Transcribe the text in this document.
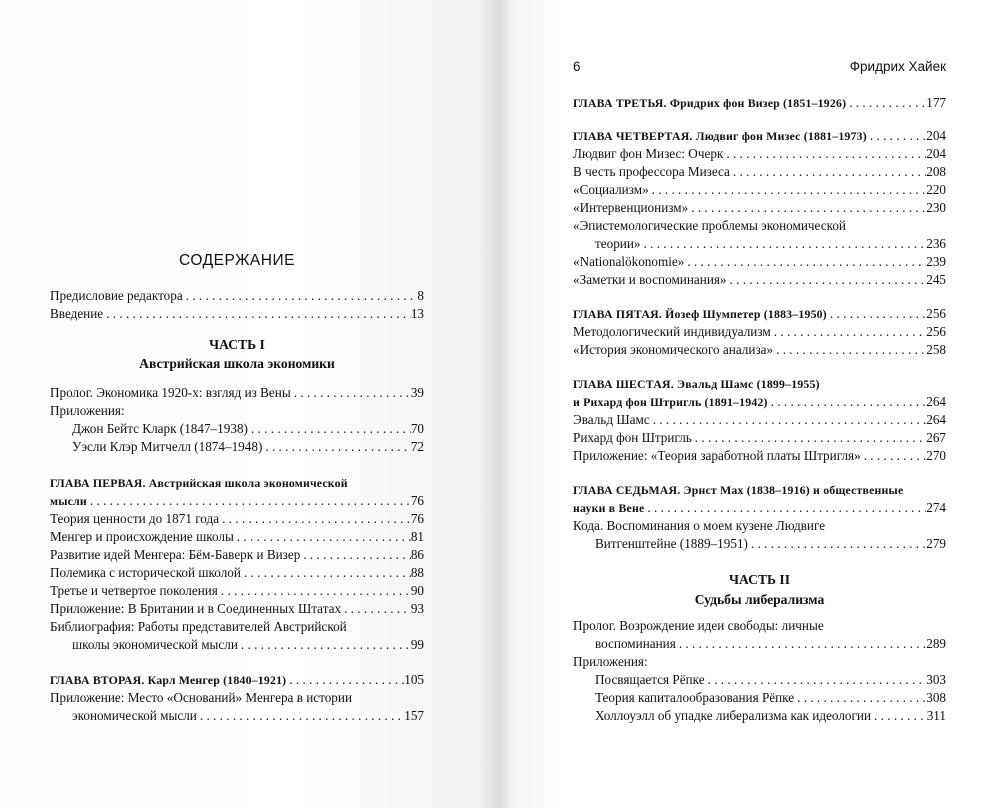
СОДЕРЖАНИЕ
Предисловие редактора . . .	8
Введение . . .	13
ЧАСТЬ I
Австрийская школа экономики
Пролог. Экономика 1920-х: взгляд из Вены . . .	39
Приложения:
Джон Бейтс Кларк (1847–1938) . . .	70
Уэсли Клэр Митчелл (1874–1948) . . .	72
ГЛАВА ПЕРВАЯ. Австрийская школа экономической
мысли . . .	76
Теория ценности до 1871 года . . .	76
Менгер и происхождение школы . . .	81
Развитие идей Менгера: Бём-Баверк и Визер . . .	86
Полемика с исторической школой . . .	88
Третье и четвертое поколения . . .	90
Приложение: В Британии и в Соединенных Штатах . . .	93
Библиография: Работы представителей Австрийской
школы экономической мысли . . .	99
ГЛАВА ВТОРАЯ. Карл Менгер (1840–1921) . . .	105
Приложение: Место «Оснований» Менгера в истории
экономической мысли . . .	157
6	Фридрих Хайек
ГЛАВА ТРЕТЬЯ. Фридрих фон Визер (1851–1926) . . .	177
ГЛАВА ЧЕТВЕРТАЯ. Людвиг фон Мизес (1881–1973) . . .	204
Людвиг фон Мизес: Очерк . . .	204
В честь профессора Мизеса . . .	208
«Социализм» . . .	220
«Интервенционизм» . . .	230
«Эпистемологические проблемы экономической
теории» . . .	236
«Nationalökonomie» . . .	239
«Заметки и воспоминания» . . .	245
ГЛАВА ПЯТАЯ. Йозеф Шумпетер (1883–1950) . . .	256
Методологический индивидуализм . . .	256
«История экономического анализа» . . .	258
ГЛАВА ШЕСТАЯ. Эвальд Шамс (1899–1955)
и Рихард фон Штригль (1891–1942) . . .	264
Эвальд Шамс . . .	264
Рихард фон Штригль . . .	267
Приложение: «Теория заработной платы Штригля» . . .	270
ГЛАВА СЕДЬМАЯ. Эрнст Мах (1838–1916) и общественные
науки в Вене . . .	274
Кода. Воспоминания о моем кузене Людвиге
Витгенштейне (1889–1951) . . .	279
ЧАСТЬ II
Судьбы либерализма
Пролог. Возрождение идеи свободы: личные
воспоминания . . .	289
Приложения:
Посвящается Рёпке . . .	303
Теория капиталообразования Рёпке . . .	308
Холлоуэлл об упадке либерализма как идеологии . . .	311
